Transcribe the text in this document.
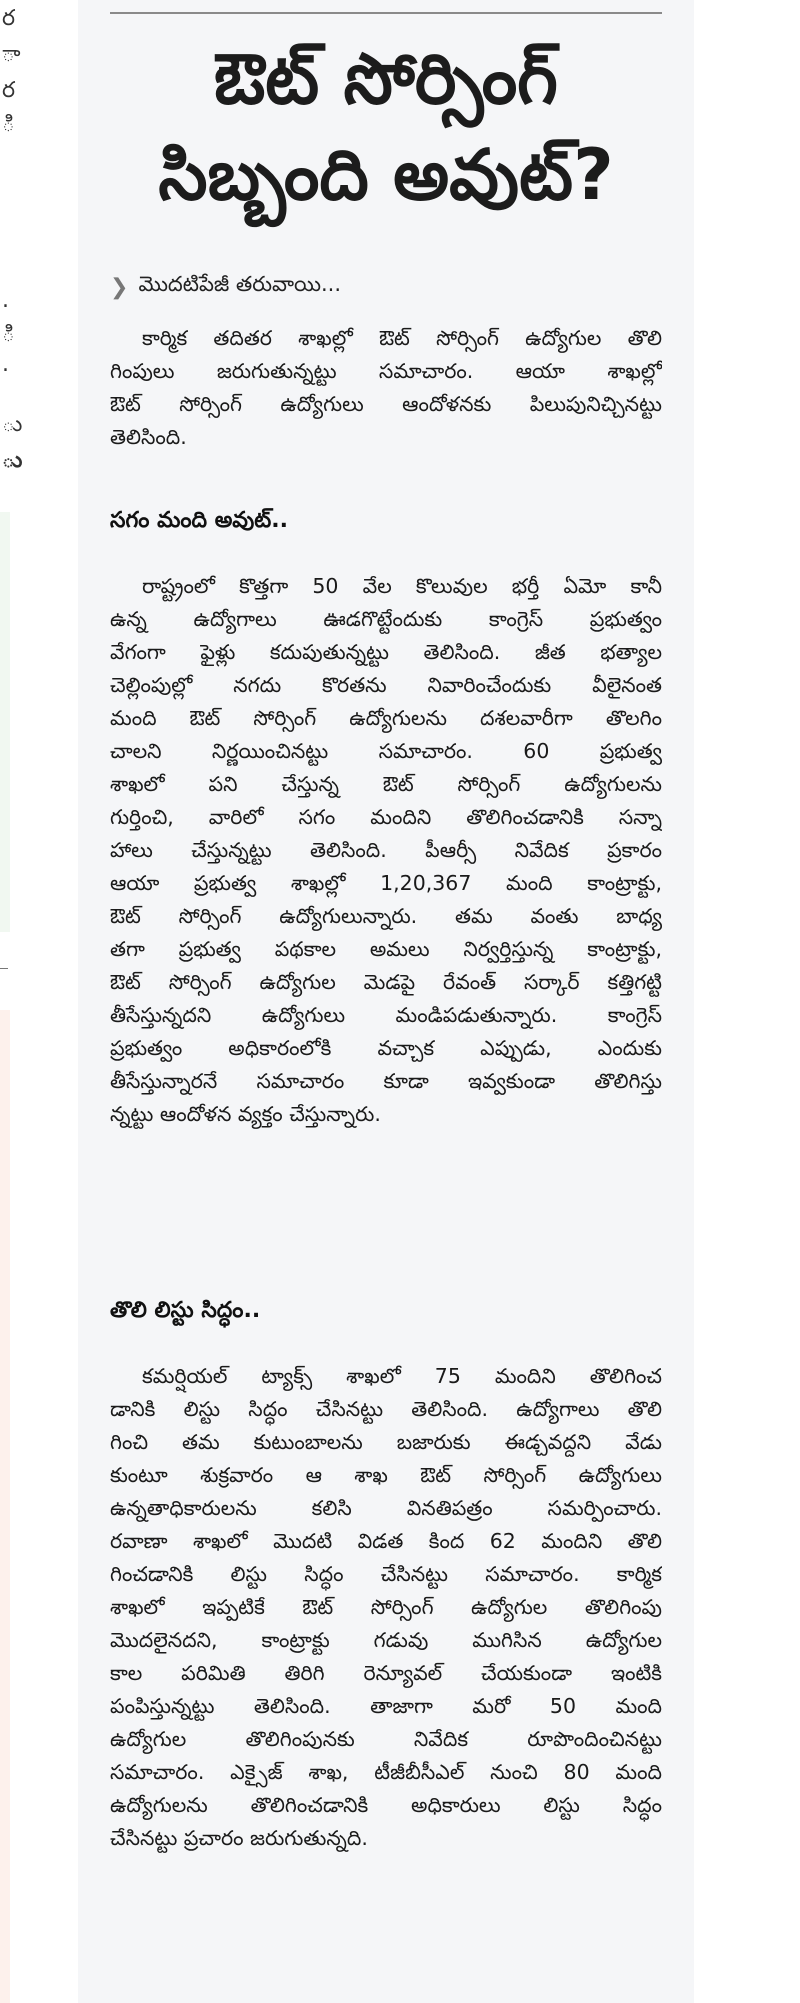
ర
ా
ర
ి
.
ి
.
ు
ు
ఔట్ సోర్సింగ్
సిబ్బంది అవుట్?
❯ మొదటిపేజీ తరువాయి...
కార్మిక తదితర శాఖల్లో ఔట్ సోర్సింగ్ ఉద్యోగుల తొలి
గింపులు జరుగుతున్నట్టు సమాచారం. ఆయా శాఖల్లో
ఔట్ సోర్సింగ్ ఉద్యోగులు ఆందోళనకు పిలుపునిచ్చినట్టు
తెలిసింది.
సగం మంది అవుట్..
రాష్ట్రంలో కొత్తగా 50 వేల కొలువుల భర్తీ ఏమో కానీ
ఉన్న ఉద్యోగాలు ఊడగొట్టేందుకు కాంగ్రెస్ ప్రభుత్వం
వేగంగా ఫైళ్లు కదుపుతున్నట్టు తెలిసింది. జీత భత్యాల
చెల్లింపుల్లో నగదు కొరతను నివారించేందుకు వీలైనంత
మంది ఔట్ సోర్సింగ్ ఉద్యోగులను దశలవారీగా తొలగిం
చాలని నిర్ణయించినట్టు సమాచారం. 60 ప్రభుత్వ
శాఖలో పని చేస్తున్న ఔట్ సోర్సింగ్ ఉద్యోగులను
గుర్తించి, వారిలో సగం మందిని తొలిగించడానికి సన్నా
హాలు చేస్తున్నట్టు తెలిసింది. పీఆర్సీ నివేదిక ప్రకారం
ఆయా ప్రభుత్వ శాఖల్లో 1,20,367 మంది కాంట్రాక్టు,
ఔట్ సోర్సింగ్ ఉద్యోగులున్నారు. తమ వంతు బాధ్య
తగా ప్రభుత్వ పథకాల అమలు నిర్వర్తిస్తున్న కాంట్రాక్టు,
ఔట్ సోర్సింగ్ ఉద్యోగుల మెడపై రేవంత్ సర్కార్ కత్తిగట్టి
తీసేస్తున్నదని ఉద్యోగులు మండిపడుతున్నారు. కాంగ్రెస్
ప్రభుత్వం అధికారంలోకి వచ్చాక ఎప్పుడు, ఎందుకు
తీసేస్తున్నారనే సమాచారం కూడా ఇవ్వకుండా తొలిగిస్తు
న్నట్టు ఆందోళన వ్యక్తం చేస్తున్నారు.
తొలి లిస్టు సిద్ధం..
కమర్షియల్ ట్యాక్స్ శాఖలో 75 మందిని తొలిగించ
డానికి లిస్టు సిద్ధం చేసినట్టు తెలిసింది. ఉద్యోగాలు తొలి
గించి తమ కుటుంబాలను బజారుకు ఈడ్చవద్దని వేడు
కుంటూ శుక్రవారం ఆ శాఖ ఔట్ సోర్సింగ్ ఉద్యోగులు
ఉన్నతాధికారులను కలిసి వినతిపత్రం సమర్పించారు.
రవాణా శాఖలో మొదటి విడత కింద 62 మందిని తొలి
గించడానికి లిస్టు సిద్ధం చేసినట్టు సమాచారం. కార్మిక
శాఖలో ఇప్పటికే ఔట్ సోర్సింగ్ ఉద్యోగుల తొలిగింపు
మొదలైనదని, కాంట్రాక్టు గడువు ముగిసిన ఉద్యోగుల
కాల పరిమితి తిరిగి రెన్యూవల్ చేయకుండా ఇంటికి
పంపిస్తున్నట్టు తెలిసింది. తాజాగా మరో 50 మంది
ఉద్యోగుల తొలిగింపునకు నివేదిక రూపొందించినట్టు
సమాచారం. ఎక్సైజ్ శాఖ, టీజీబీసీఎల్ నుంచి 80 మంది
ఉద్యోగులను తొలిగించడానికి అధికారులు లిస్టు సిద్ధం
చేసినట్టు ప్రచారం జరుగుతున్నది.
